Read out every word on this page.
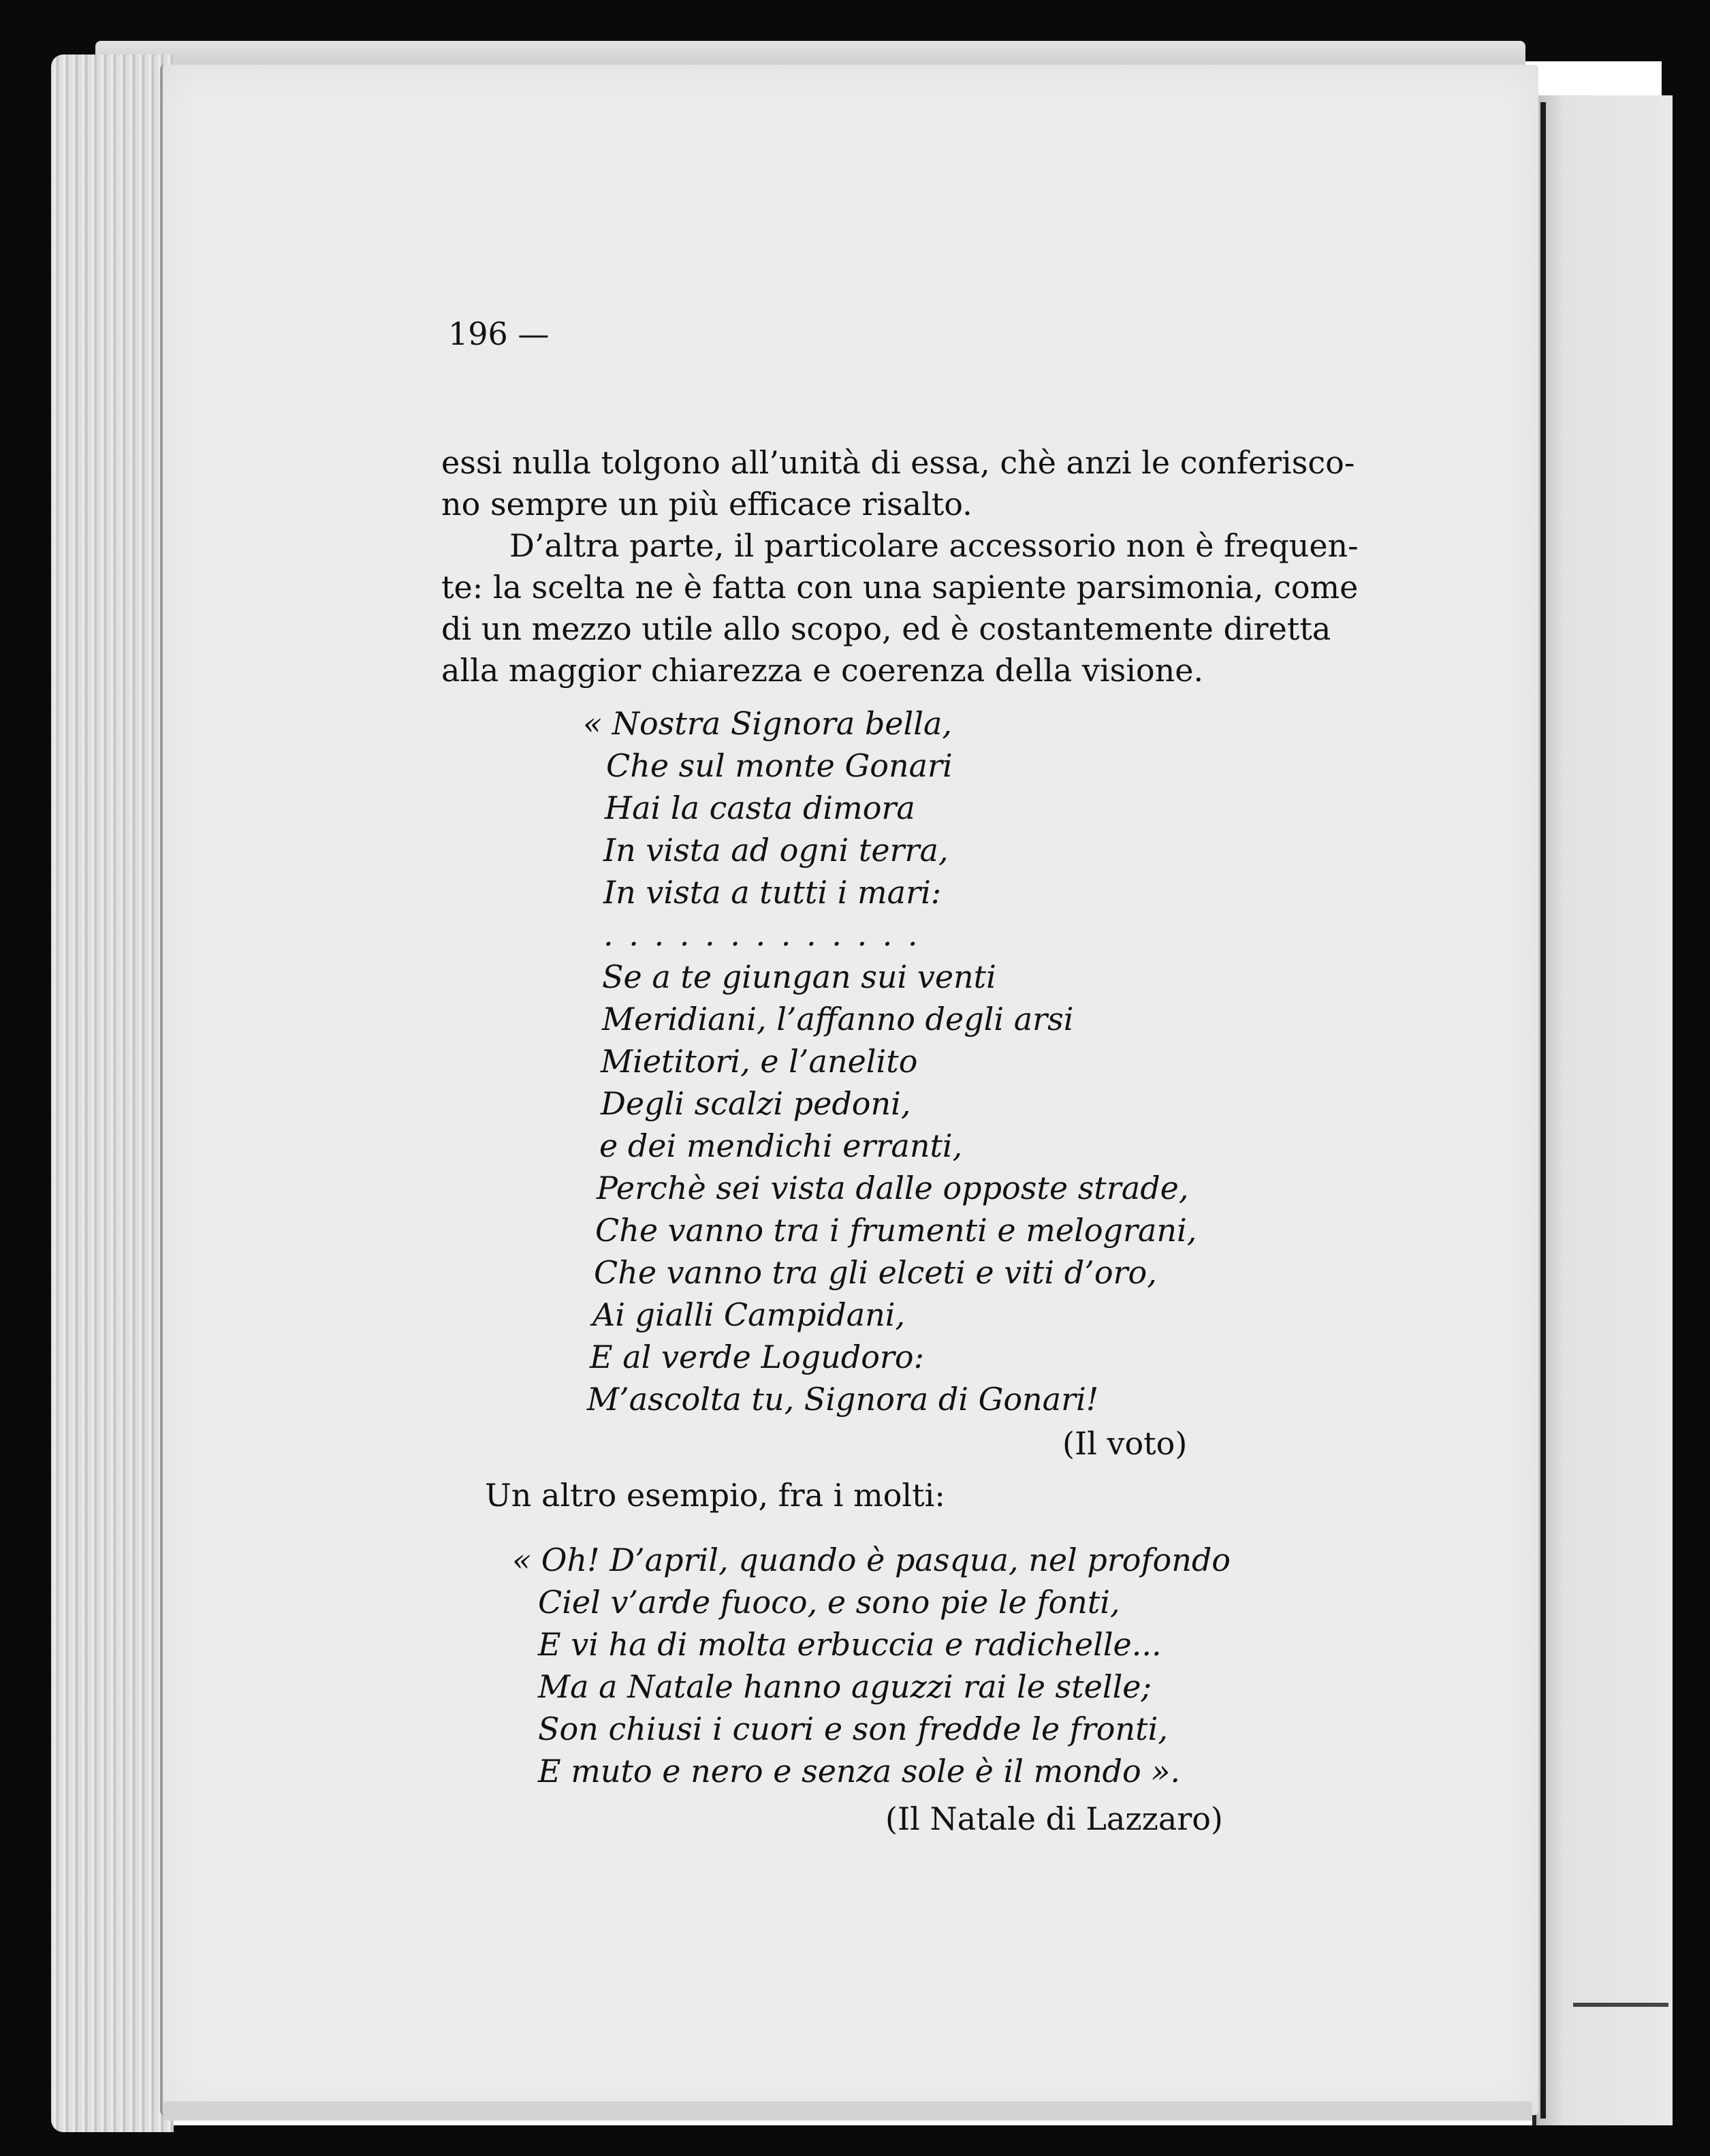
196 —
essi nulla tolgono all’unità di essa, chè anzi le conferisco-
no sempre un più efficace risalto.
D’altra parte, il particolare accessorio non è frequen-
te: la scelta ne è fatta con una sapiente parsimonia, come
di un mezzo utile allo scopo, ed è costantemente diretta
alla maggior chiarezza e coerenza della visione.
« Nostra Signora bella,
Che sul monte Gonari
Hai la casta dimora
In vista ad ogni terra,
In vista a tutti i mari:
. . . . . . . . . . . . .
Se a te giungan sui venti
Meridiani, l’affanno degli arsi
Mietitori, e l’anelito
Degli scalzi pedoni,
e dei mendichi erranti,
Perchè sei vista dalle opposte strade,
Che vanno tra i frumenti e melograni,
Che vanno tra gli elceti e viti d’oro,
Ai gialli Campidani,
E al verde Logudoro:
M’ascolta tu, Signora di Gonari!
(Il voto)
Un altro esempio, fra i molti:
« Oh! D’april, quando è pasqua, nel profondo
Ciel v’arde fuoco, e sono pie le fonti,
E vi ha di molta erbuccia e radichelle...
Ma a Natale hanno aguzzi rai le stelle;
Son chiusi i cuori e son fredde le fronti,
E muto e nero e senza sole è il mondo ».
(Il Natale di Lazzaro)
